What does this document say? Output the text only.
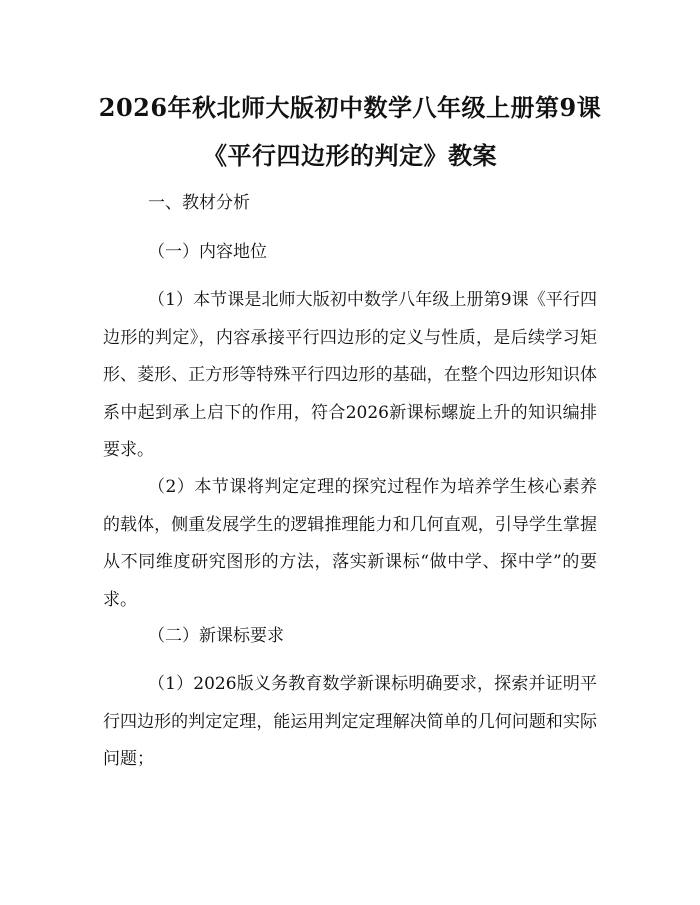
2026年秋北师大版初中数学八年级上册第9课《平行四边形的判定》教案

一、教材分析

（一）内容地位

（1）本节课是北师大版初中数学八年级上册第9课《平行四边形的判定》，内容承接平行四边形的定义与性质，是后续学习矩形、菱形、正方形等特殊平行四边形的基础，在整个四边形知识体系中起到承上启下的作用，符合2026新课标螺旋上升的知识编排要求。

（2）本节课将判定定理的探究过程作为培养学生核心素养的载体，侧重发展学生的逻辑推理能力和几何直观，引导学生掌握从不同维度研究图形的方法，落实新课标“做中学、探中学”的要求。

（二）新课标要求

（1）2026版义务教育数学新课标明确要求，探索并证明平行四边形的判定定理，能运用判定定理解决简单的几何问题和实际问题；
